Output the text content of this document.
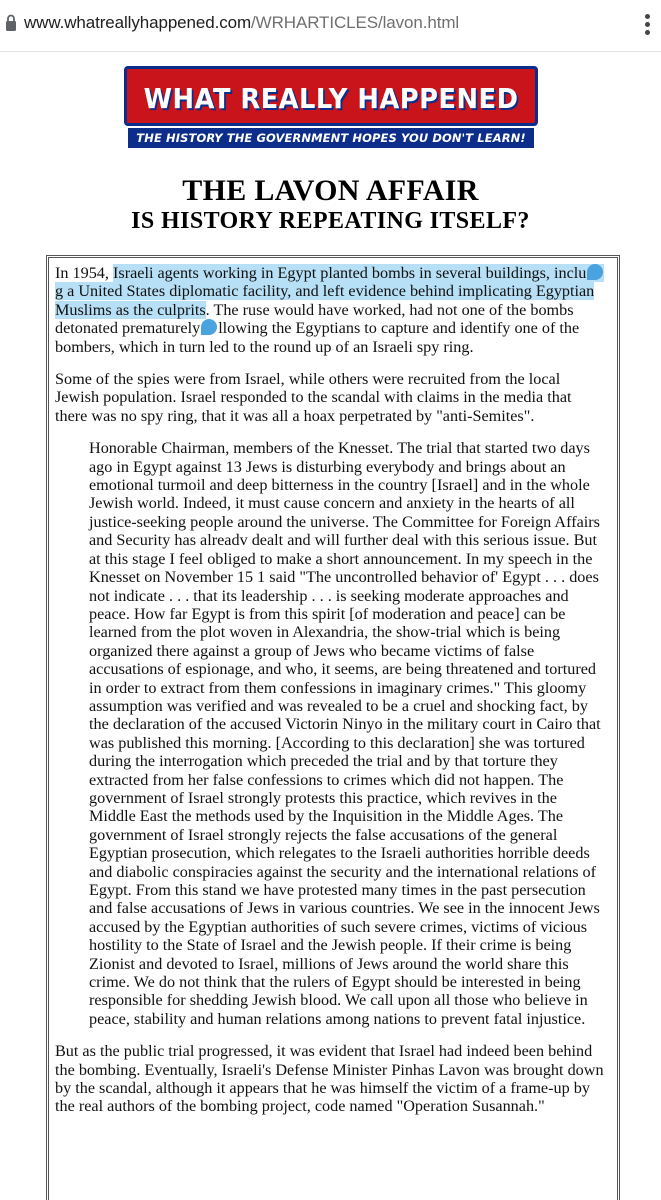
www.whatreallyhappened.com/WRHARTICLES/lavon.html
WHAT REALLY HAPPENED
THE HISTORY THE GOVERNMENT HOPES YOU DON'T LEARN!
THE LAVON AFFAIR
IS HISTORY REPEATING ITSELF?

In 1954, Israeli agents working in Egypt planted bombs in several buildings, inclug a United States diplomatic facility, and left evidence behind implicating Egyptian Muslims as the culprits. The ruse would have worked, had not one of the bombs detonated prematurely llowing the Egyptians to capture and identify one of the bombers, which in turn led to the round up of an Israeli spy ring.

Some of the spies were from Israel, while others were recruited from the local Jewish population. Israel responded to the scandal with claims in the media that there was no spy ring, that it was all a hoax perpetrated by "anti-Semites".

Honorable Chairman, members of the Knesset. The trial that started two days ago in Egypt against 13 Jews is disturbing everybody and brings about an emotional turmoil and deep bitterness in the country [Israel] and in the whole Jewish world. Indeed, it must cause concern and anxiety in the hearts of all justice-seeking people around the universe. The Committee for Foreign Affairs and Security has alreadv dealt and will further deal with this serious issue. But at this stage I feel obliged to make a short announcement. In my speech in the Knesset on November 15 1 said "The uncontrolled behavior of' Egypt . . . does not indicate . . . that its leadership . . . is seeking moderate approaches and peace. How far Egypt is from this spirit [of moderation and peace] can be learned from the plot woven in Alexandria, the show-trial which is being organized there against a group of Jews who became victims of false accusations of espionage, and who, it seems, are being threatened and tortured in order to extract from them confessions in imaginary crimes." This gloomy assumption was verified and was revealed to be a cruel and shocking fact, by the declaration of the accused Victorin Ninyo in the military court in Cairo that was published this morning. [According to this declaration] she was tortured during the interrogation which preceded the trial and by that torture they extracted from her false confessions to crimes which did not happen. The government of Israel strongly protests this practice, which revives in the Middle East the methods used by the Inquisition in the Middle Ages. The government of Israel strongly rejects the false accusations of the general Egyptian prosecution, which relegates to the Israeli authorities horrible deeds and diabolic conspiracies against the security and the international relations of Egypt. From this stand we have protested many times in the past persecution and false accusations of Jews in various countries. We see in the innocent Jews accused by the Egyptian authorities of such severe crimes, victims of vicious hostility to the State of Israel and the Jewish people. If their crime is being Zionist and devoted to Israel, millions of Jews around the world share this crime. We do not think that the rulers of Egypt should be interested in being responsible for shedding Jewish blood. We call upon all those who believe in peace, stability and human relations among nations to prevent fatal injustice.

But as the public trial progressed, it was evident that Israel had indeed been behind the bombing. Eventually, Israeli's Defense Minister Pinhas Lavon was brought down by the scandal, although it appears that he was himself the victim of a frame-up by the real authors of the bombing project, code named "Operation Susannah."
